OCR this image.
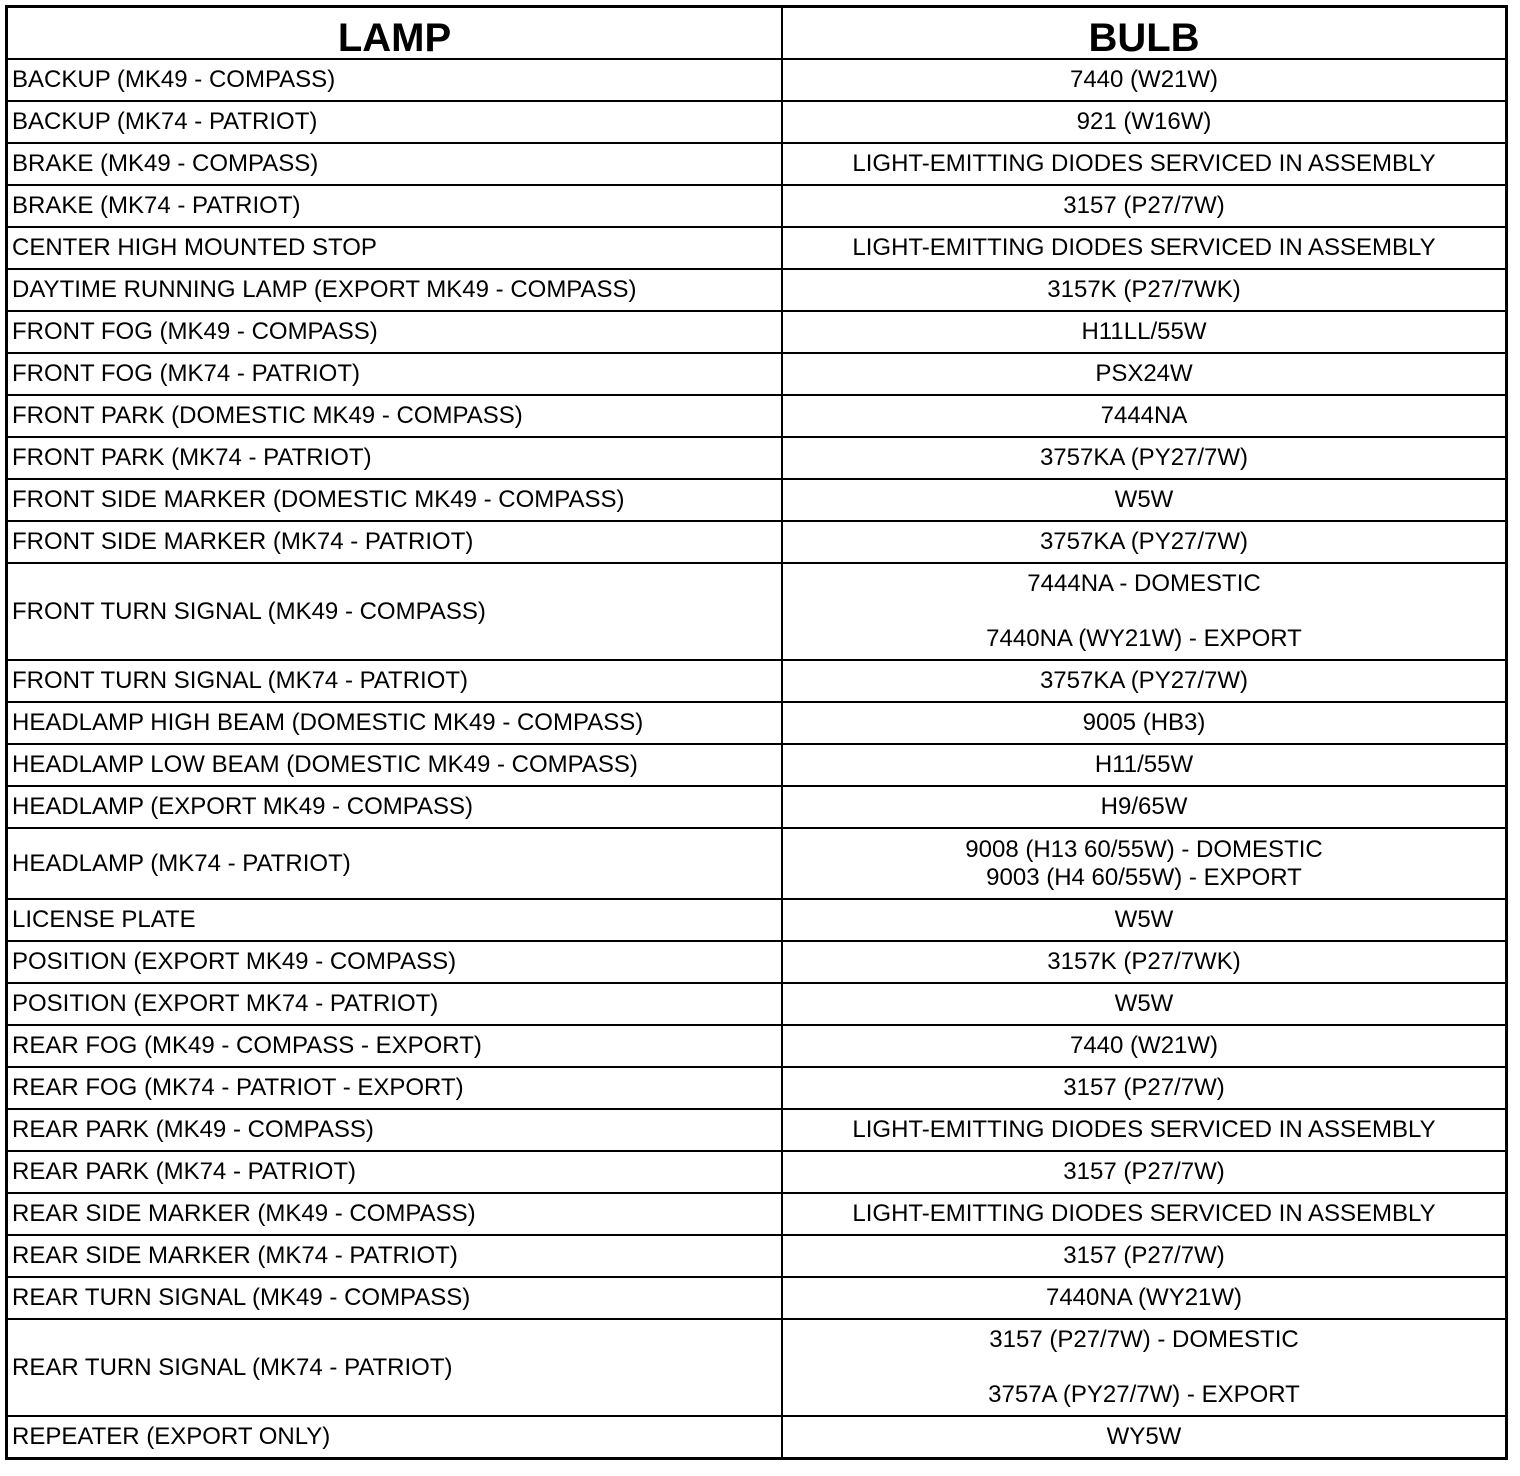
LAMP	BULB
BACKUP (MK49 - COMPASS)	7440 (W21W)

BACKUP (MK74 - PATRIOT)	921 (W16W)

BRAKE (MK49 - COMPASS)	LIGHT-EMITTING DIODES SERVICED IN ASSEMBLY

BRAKE (MK74 - PATRIOT)	3157 (P27/7W)

CENTER HIGH MOUNTED STOP	LIGHT-EMITTING DIODES SERVICED IN ASSEMBLY

DAYTIME RUNNING LAMP (EXPORT MK49 - COMPASS)	3157K (P27/7WK)

FRONT FOG (MK49 - COMPASS)	H11LL/55W

FRONT FOG (MK74 - PATRIOT)	PSX24W

FRONT PARK (DOMESTIC MK49 - COMPASS)	7444NA

FRONT PARK (MK74 - PATRIOT)	3757KA (PY27/7W)

FRONT SIDE MARKER (DOMESTIC MK49 - COMPASS)	W5W

FRONT SIDE MARKER (MK74 - PATRIOT)	3757KA (PY27/7W)

FRONT TURN SIGNAL (MK49 - COMPASS)	7444NA - DOMESTIC
7440NA (WY21W) - EXPORT

FRONT TURN SIGNAL (MK74 - PATRIOT)	3757KA (PY27/7W)

HEADLAMP HIGH BEAM (DOMESTIC MK49 - COMPASS)	9005 (HB3)

HEADLAMP LOW BEAM (DOMESTIC MK49 - COMPASS)	H11/55W

HEADLAMP (EXPORT MK49 - COMPASS)	H9/65W

HEADLAMP (MK74 - PATRIOT)	9008 (H13 60/55W) - DOMESTIC
9003 (H4 60/55W) - EXPORT

LICENSE PLATE	W5W

POSITION (EXPORT MK49 - COMPASS)	3157K (P27/7WK)

POSITION (EXPORT MK74 - PATRIOT)	W5W

REAR FOG (MK49 - COMPASS - EXPORT)	7440 (W21W)

REAR FOG (MK74 - PATRIOT - EXPORT)	3157 (P27/7W)

REAR PARK (MK49 - COMPASS)	LIGHT-EMITTING DIODES SERVICED IN ASSEMBLY

REAR PARK (MK74 - PATRIOT)	3157 (P27/7W)

REAR SIDE MARKER (MK49 - COMPASS)	LIGHT-EMITTING DIODES SERVICED IN ASSEMBLY

REAR SIDE MARKER (MK74 - PATRIOT)	3157 (P27/7W)

REAR TURN SIGNAL (MK49 - COMPASS)	7440NA (WY21W)

REAR TURN SIGNAL (MK74 - PATRIOT)	3157 (P27/7W) - DOMESTIC
3757A (PY27/7W) - EXPORT

REPEATER (EXPORT ONLY)	WY5W
